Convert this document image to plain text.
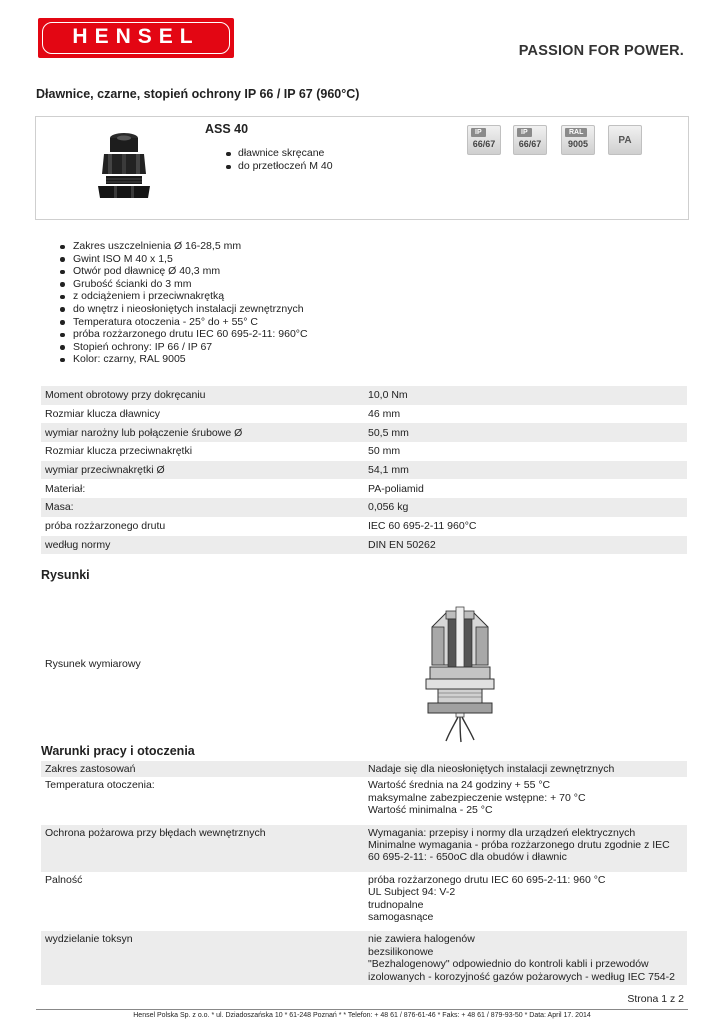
HENSEL
PASSION FOR POWER.
Dławnice, czarne, stopień ochrony IP 66 / IP 67 (960°C)
ASS 40
dławnice skręcane
do przetłoczeń M 40
IP
66/67
IP
66/67
RAL
9005	PA
Zakres uszczelnienia Ø 16-28,5 mm
Gwint ISO M 40 x 1,5
Otwór pod dławnicę Ø 40,3 mm
Grubość ścianki do 3 mm
z odciążeniem i przeciwnakrętką
do wnętrz i nieosłoniętych instalacji zewnętrznych
Temperatura otoczenia - 25° do + 55° C
próba rozżarzonego drutu IEC 60 695-2-11: 960°C
Stopień ochrony: IP 66 / IP 67
Kolor: czarny, RAL 9005
Moment obrotowy przy dokręcaniu	10,0 Nm
Rozmiar klucza dławnicy	46 mm
wymiar narożny lub połączenie śrubowe Ø	50,5 mm
Rozmiar klucza przeciwnakrętki	50 mm
wymiar przeciwnakrętki Ø	54,1 mm
Materiał:	PA-poliamid
Masa:	0,056 kg
próba rozżarzonego drutu	IEC 60 695-2-11 960°C
według normy	DIN EN 50262
Rysunki
Rysunek wymiarowy
Warunki pracy i otoczenia
Zakres zastosowań	Nadaje się dla nieosłoniętych instalacji zewnętrznych

Temperatura otoczenia:	Wartość średnia na 24 godziny + 55 °C
maksymalne zabezpieczenie wstępne: + 70 °C
Wartość minimalna - 25 °C

Ochrona pożarowa przy błędach wewnętrznych	Wymagania: przepisy i normy dla urządzeń elektrycznych
Minimalne wymagania - próba rozżarzonego drutu zgodnie z IEC
60 695-2-11: - 650oC dla obudów i dławnic

Palność	próba rozżarzonego drutu IEC 60 695-2-11: 960 °C
UL Subject 94: V-2
trudnopalne
samogasnące

wydzielanie toksyn	nie zawiera halogenów
bezsilikonowe
"Bezhalogenowy" odpowiednio do kontroli kabli i przewodów
izolowanych - korozyjność gazów pożarowych - według IEC 754-2
Strona 1 z 2
Hensel Polska Sp. z o.o. * ul. Dziadoszańska 10 * 61-248 Poznań * * Telefon: + 48 61 / 876-61-46 * Faks: + 48 61 / 879-93-50 * Data: April 17. 2014
